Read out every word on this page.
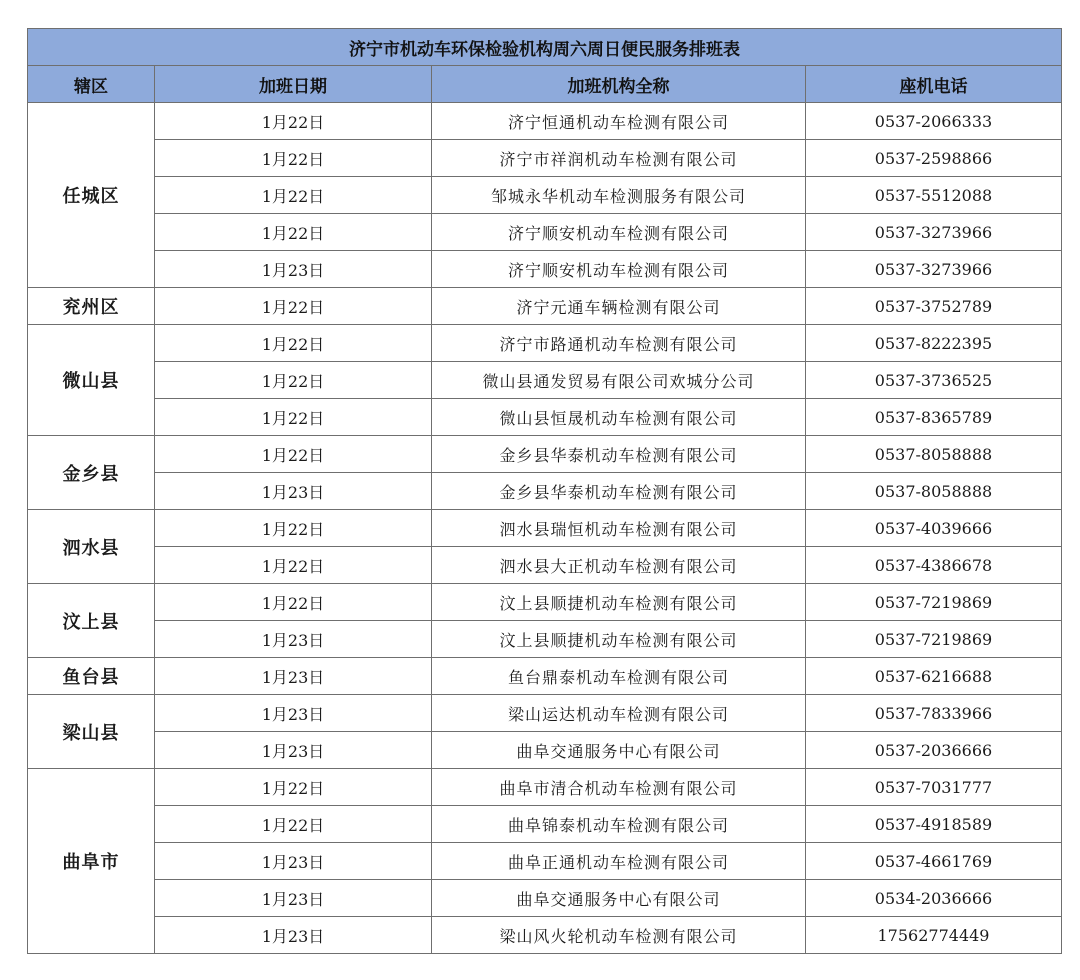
济宁市机动车环保检验机构周六周日便民服务排班表			
辖区	加班日期	加班机构全称	座机电话
任城区	1月22日	济宁恒通机动车检测有限公司	0537-2066333
	1月22日	济宁市祥润机动车检测有限公司	0537-2598866
	1月22日	邹城永华机动车检测服务有限公司	0537-5512088
	1月22日	济宁顺安机动车检测有限公司	0537-3273966
	1月23日	济宁顺安机动车检测有限公司	0537-3273966
兖州区	1月22日	济宁元通车辆检测有限公司	0537-3752789
微山县	1月22日	济宁市路通机动车检测有限公司	0537-8222395
	1月22日	微山县通发贸易有限公司欢城分公司	0537-3736525
	1月22日	微山县恒晟机动车检测有限公司	0537-8365789
金乡县	1月22日	金乡县华泰机动车检测有限公司	0537-8058888
	1月23日	金乡县华泰机动车检测有限公司	0537-8058888
泗水县	1月22日	泗水县瑞恒机动车检测有限公司	0537-4039666
	1月22日	泗水县大正机动车检测有限公司	0537-4386678
汶上县	1月22日	汶上县顺捷机动车检测有限公司	0537-7219869
	1月23日	汶上县顺捷机动车检测有限公司	0537-7219869
鱼台县	1月23日	鱼台鼎泰机动车检测有限公司	0537-6216688
梁山县	1月23日	梁山运达机动车检测有限公司	0537-7833966
	1月23日	曲阜交通服务中心有限公司	0537-2036666
曲阜市	1月22日	曲阜市清合机动车检测有限公司	0537-7031777
	1月22日	曲阜锦泰机动车检测有限公司	0537-4918589
	1月23日	曲阜正通机动车检测有限公司	0537-4661769
	1月23日	曲阜交通服务中心有限公司	0534-2036666
	1月23日	梁山风火轮机动车检测有限公司	17562774449
